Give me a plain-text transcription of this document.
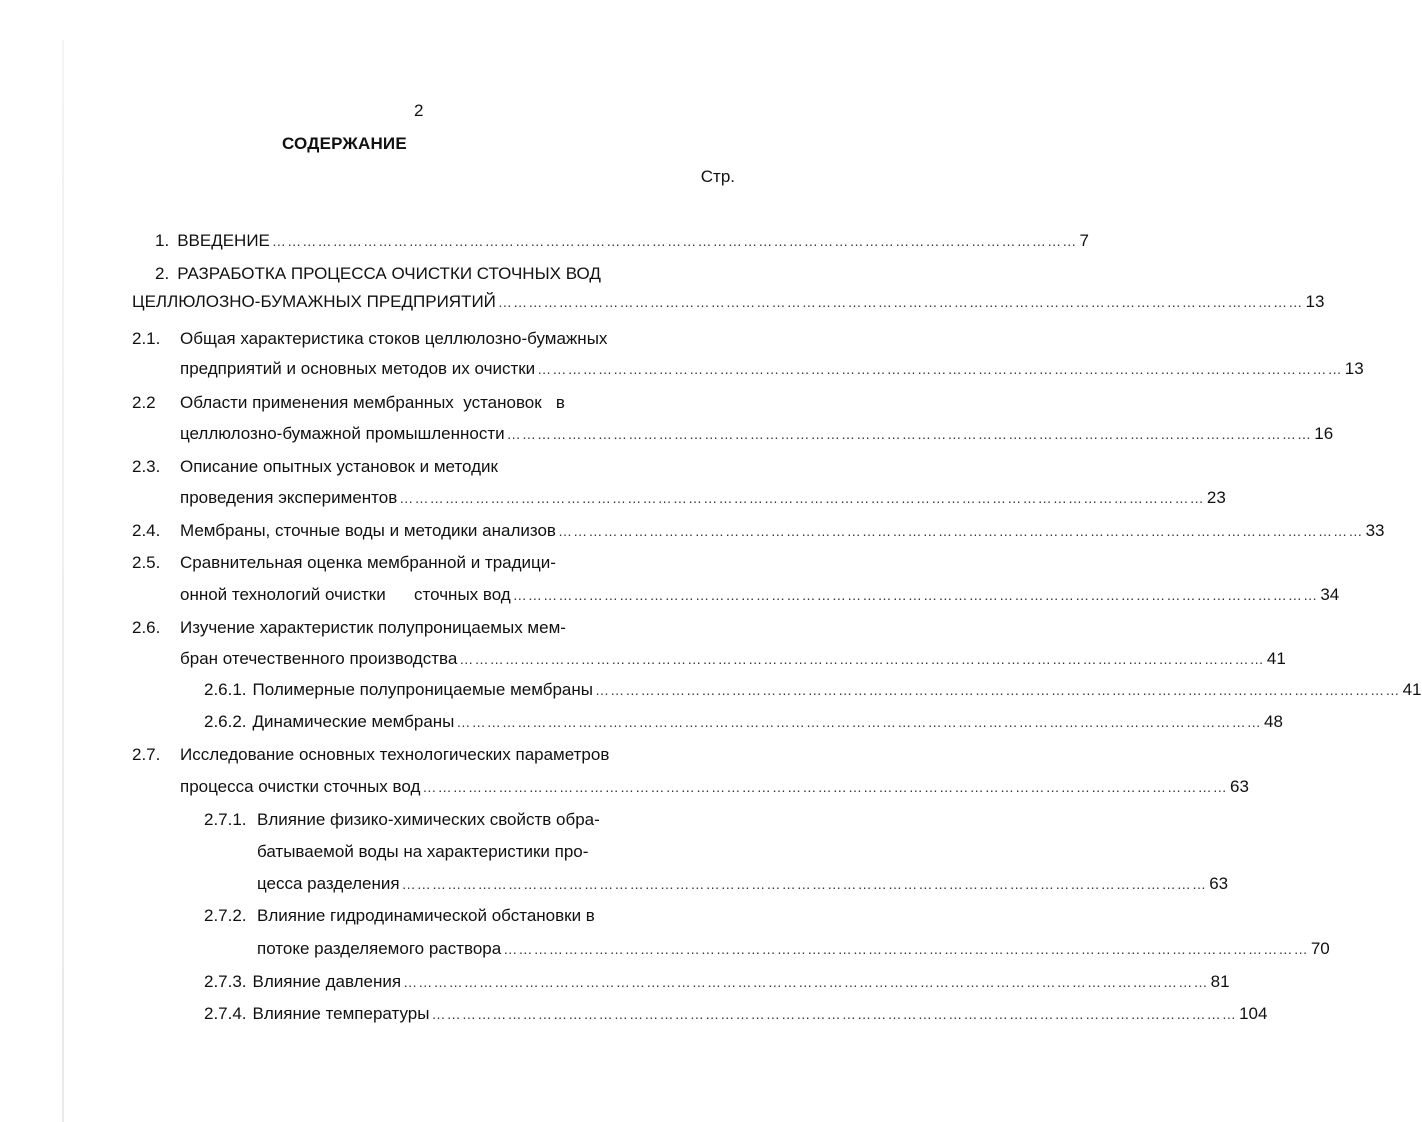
2
СОДЕРЖАНИЕ
Стр.
1. ВВЕДЕНИЕ …………………………………………………………………………………………………………………………………………… 7
2. РАЗРАБОТКА ПРОЦЕССА ОЧИСТКИ СТОЧНЫХ ВОД
ЦЕЛЛЮЛОЗНО-БУМАЖНЫХ ПРЕДПРИЯТИЙ …………………………………………………………………………………………………………………………………………… 13
2.1. Общая характеристика стоков целлюлозно-бумажных
предприятий и основных методов их очистки …………………………………………………………………………………………………………………………………………… 13
2.2 Области применения мембранных  установок   в
целлюлозно-бумажной промышленности …………………………………………………………………………………………………………………………………………… 16
2.3. Описание опытных установок и методик
проведения экспериментов …………………………………………………………………………………………………………………………………………… 23
2.4. Мембраны, сточные воды и методики анализов …………………………………………………………………………………………………………………………………………… 33
2.5. Сравнительная оценка мембранной и традици-
онной технологий очистки      сточных вод …………………………………………………………………………………………………………………………………………… 34
2.6. Изучение характеристик полупроницаемых мем-
бран отечественного производства …………………………………………………………………………………………………………………………………………… 41
2.6.1. Полимерные полупроницаемые мембраны …………………………………………………………………………………………………………………………………………… 41
2.6.2. Динамические мембраны …………………………………………………………………………………………………………………………………………… 48
2.7. Исследование основных технологических параметров
процесса очистки сточных вод …………………………………………………………………………………………………………………………………………… 63
2.7.1. Влияние физико-химических свойств обра-
батываемой воды на характеристики про-
цесса разделения …………………………………………………………………………………………………………………………………………… 63
2.7.2. Влияние гидродинамической обстановки в
потоке разделяемого раствора …………………………………………………………………………………………………………………………………………… 70
2.7.3. Влияние давления …………………………………………………………………………………………………………………………………………… 81
2.7.4. Влияние температуры …………………………………………………………………………………………………………………………………………… 104
